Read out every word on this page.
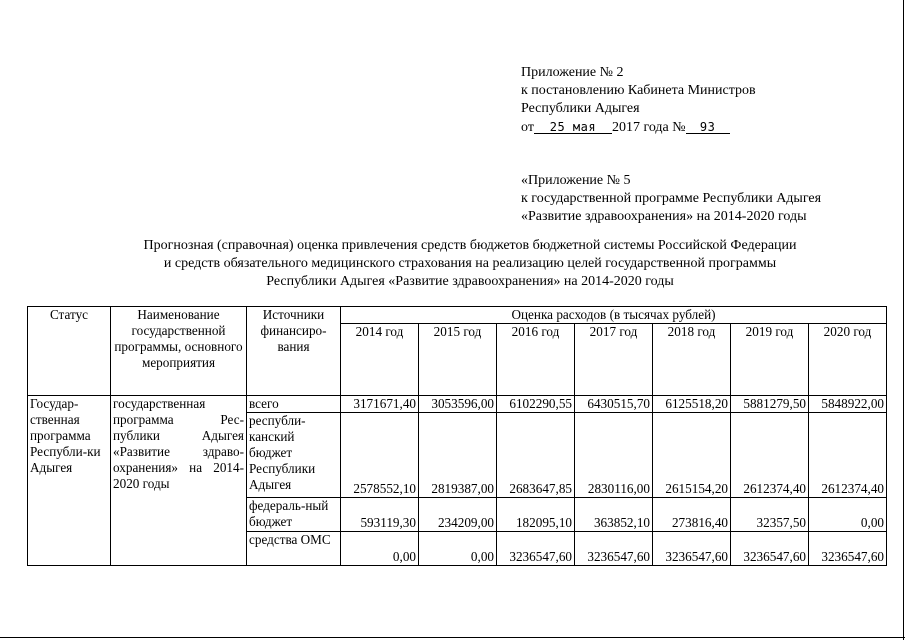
Приложение № 2
к постановлению Кабинета Министров
Республики Адыгея
от 25 мая 2017 года № 93
«Приложение № 5
к государственной программе Республики Адыгея
«Развитие здравоохранения» на 2014-2020 годы
Прогнозная (справочная) оценка привлечения средств бюджетов бюджетной системы Российской Федерации
и средств обязательного медицинского страхования на реализацию целей государственной программы
Республики Адыгея «Развитие здравоохранения» на 2014-2020 годы
Статус	Наименование государственной программы, основного мероприятия	Источники финансиро-вания	Оценка расходов (в тысячах рублей)						
			2014 год	2015 год	2016 год	2017 год	2018 год	2019 год	2020 год
Государ-ственная программа Республи-ки Адыгея	государственная программа Рес-публики Адыгея «Развитие здраво-охранения» на 2014-2020 годы	всего	3171671,40	3053596,00	6102290,55	6430515,70	6125518,20	5881279,50	5848922,00
		республи-канский бюджет Республики Адыгея	2578552,10	2819387,00	2683647,85	2830116,00	2615154,20	2612374,40	2612374,40
		федераль-ный бюджет	593119,30	234209,00	182095,10	363852,10	273816,40	32357,50	0,00
		средства ОМС	0,00	0,00	3236547,60	3236547,60	3236547,60	3236547,60	3236547,60
